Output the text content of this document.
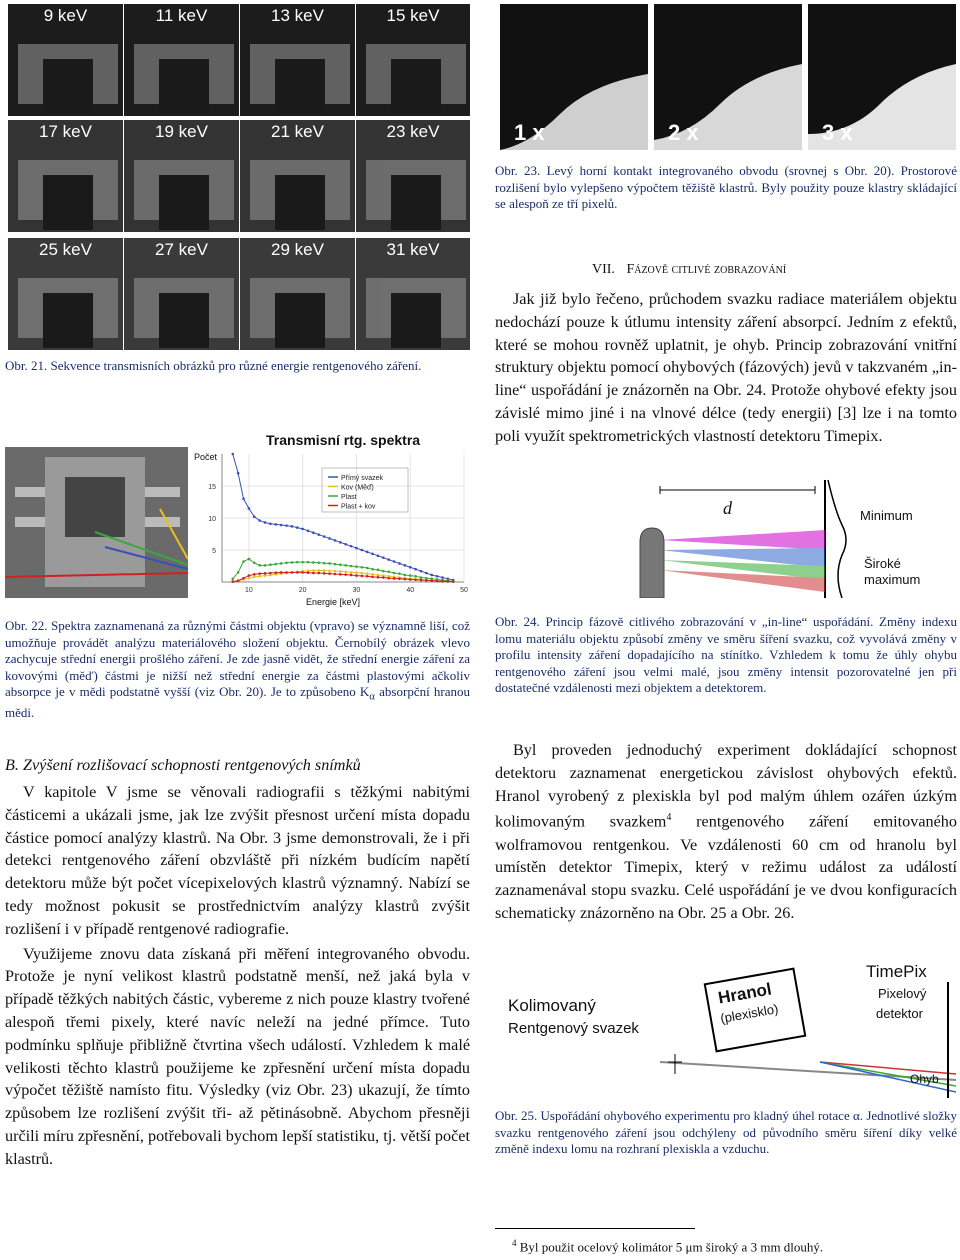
9 keV	11 keV	13 keV	15 keV
17 keV	19 keV	21 keV	23 keV
25 keV	27 keV	29 keV	31 keV
1 x	2 x	3 x

Obr. 23. Levý horní kontakt integrovaného obvodu (srovnej s Obr. 20). Prostorové rozlišení bylo vylepšeno výpočtem těžiště klastrů. Byly použity pouze klastry skládající se alespoň ze tří pixelů.

Obr. 21. Sekvence transmisních obrázků pro různé energie rentgenového záření.

VII. Fázově citlivé zobrazování

Jak již bylo řečeno, průchodem svazku radiace materiálem objektu nedochází pouze k útlumu intensity záření absorpcí. Jedním z efektů, které se mohou rovněž uplatnit, je ohyb. Princip zobrazování vnitřní struktury objektu pomocí ohybových (fázových) jevů v takzvaném „in-line“ uspořádání je znázorněn na Obr. 24. Protože ohybové efekty jsou závislé mimo jiné i na vlnové délce (tedy energii) [3] lze i na tomto poli využít spektrometrických vlastností detektoru Timepix.

Počet
Transmisní rtg. spektra
Energie [keV]
10	20	30	40	50
5
10
15
Přímý svazek
Kov (Měď)
Plast
Plast + kov

Obr. 22. Spektra zaznamenaná za různými částmi objektu (vpravo) se významně liší, což umožňuje provádět analýzu materiálového složení objektu. Černobílý obrázek vlevo zachycuje střední energii prošlého záření. Je zde jasně vidět, že střední energie záření za kovovými (měď) částmi je nižší než střední energie za částmi plastovými ačkoliv absorpce je v mědi podstatně vyšší (viz Obr. 20). Je to způsobeno $K_\alpha$ absorpční hranou mědi.

d	Minimum
Široké
maximum

Obr. 24. Princip fázově citlivého zobrazování v „in-line“ uspořádání. Změny indexu lomu materiálu objektu způsobí změny ve směru šíření svazku, což vyvolává změny v profilu intensity záření dopadajícího na stínítko. Vzhledem k tomu že úhly ohybu rentgenového záření jsou velmi malé, jsou změny intensit pozorovatelné jen při dostatečné vzdálenosti mezi objektem a detektorem.

B. Zvýšení rozlišovací schopnosti rentgenových snímků

V kapitole V jsme se věnovali radiografii s těžkými nabitými částicemi a ukázali jsme, jak lze zvýšit přesnost určení místa dopadu částice pomocí analýzy klastrů. Na Obr. 3 jsme demonstrovali, že i při detekci rentgenového záření obzvláště při nízkém budícím napětí detektoru může být počet vícepixelových klastrů významný. Nabízí se tedy možnost pokusit se prostřednictvím analýzy klastrů zvýšit rozlišení i v případě rentgenové radiografie.

Využijeme znovu data získaná při měření integrovaného obvodu. Protože je nyní velikost klastrů podstatně menší, než jaká byla v případě těžkých nabitých částic, vybereme z nich pouze klastry tvořené alespoň třemi pixely, které navíc neleží na jedné přímce. Tuto podmínku splňuje přibližně čtvrtina všech událostí. Vzhledem k malé velikosti těchto klastrů použijeme ke zpřesnění určení místa dopadu výpočet těžiště namísto fitu. Výsledky (viz Obr. 23) ukazují, že tímto způsobem lze rozlišení zvýšit tři- až pětinásobně. Abychom přesněji určili míru zpřesnění, potřebovali bychom lepší statistiku, tj. větší počet klastrů.

Byl proveden jednoduchý experiment dokládající schopnost detektoru zaznamenat energetickou závislost ohybových efektů. Hranol vyrobený z plexiskla byl pod malým úhlem ozářen úzkým kolimovaným svazkem$^4$ rentgenového záření emitovaného wolframovou rentgenkou. Ve vzdálenosti 60 cm od hranolu byl umístěn detektor Timepix, který v režimu událost za událostí zaznamenával stopu svazku. Celé uspořádání je ve dvou konfiguracích schematicky znázorněno na Obr. 25 a Obr. 26.

Kolimovaný
Rentgenový svazek
Hranol
(plexisklo)
TimePix
Pixelový
detektor
Ohyb

Obr. 25. Uspořádání ohybového experimentu pro kladný úhel rotace α. Jednotlivé složky svazku rentgenového záření jsou odchýleny od původního směru šíření díky velké změně indexu lomu na rozhraní plexiskla a vzduchu.

$^4$ Byl použit ocelový kolimátor 5 μm široký a 3 mm dlouhý.
